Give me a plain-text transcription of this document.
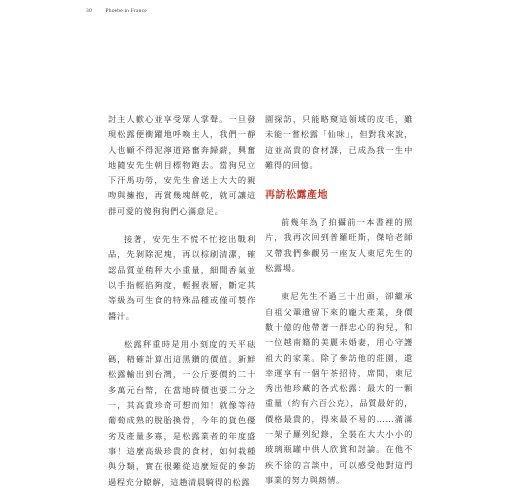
30 Phoebe in France

討主人歡心並享受眾人掌聲。一旦發現松露便衝躍地呼喚主人，我們一靜人也顧不得泥濘道路奮奔歸薪，興奮地隨安先生朝目標物跑去。當狗兒立下汗馬功勞，安先生會送上大大的親吻與擁抱，再賞幾塊餅乾，就可讓這群可愛的傻狗狗們心滿意足。

接著，安先生不慌不忙挖出戰利品，先剝除泥塊，再以棕刷清潔，確認品質並稍秤大小重量，細聞香氣並以手指輕掐夠度，輕握表層，斷定其等級為可生食的特殊品種或僅可製作醬汁。

松露秤重時是用小刻度的天平砝碼，精確計算出這黑鑽的價值。新鮮松露輸出到台灣，一公斤要價約二十多萬元台幣，在當地時價也要二分之一，其高貴珍奇可想而知！就像等待葡萄成熟的脫胎換骨，今年的貨色優劣及產量多寡，是松露業者的年度盛事！這麼高級珍貴的食材，如何栽種與分類，實在很難從這麼短促的參訪過程充分瞭解，這趟清晨騎得的松露

園探訪，只能略窺這領域的皮毛，雖未能一嘗松露「仙味」，但對我來說，這並高貴的食材課，已成為我一生中難得的回憶。

再訪松露產地

前幾年為了拍攝前一本書裡的照片，我再次回到普羅旺斯，傑哈老師又帶我們參觀另一座友人東尼先生的松露場。

東尼先生不過三十出頭，卻繼承自祖父輩遺留下來的龐大產業，身價數十億的他帶著一群忠心的狗兒，和一位越南籍的美麗未婚妻，用心守護祖大的家業。除了參訪他的莊園，還幸運享有一個午茶招待，席間，東尼秀出他珍藏的各式松露：最大的一顆重量（約有六百公克），品質最好的，價格最貴的，得來最不易的……滿滿一架子羅列紀錄，全裝在大大小小的玻璃瓶罐中供人欣賞和討論。在他不疾不徐的言談中，可以感受他對這門事業的努力與熱情。
